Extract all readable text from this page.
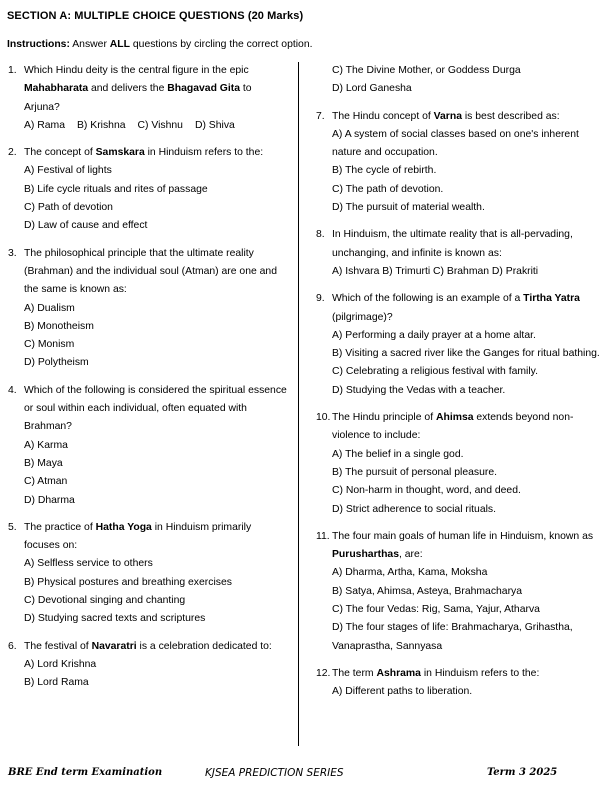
SECTION A: MULTIPLE CHOICE QUESTIONS (20 Marks)
Instructions: Answer ALL questions by circling the correct option.
1. Which Hindu deity is the central figure in the epic Mahabharata and delivers the Bhagavad Gita to Arjuna?
A) Rama B) Krishna C) Vishnu D) Shiva
2. The concept of Samskara in Hinduism refers to the:
A) Festival of lights
B) Life cycle rituals and rites of passage
C) Path of devotion
D) Law of cause and effect
3. The philosophical principle that the ultimate reality (Brahman) and the individual soul (Atman) are one and the same is known as:
A) Dualism
B) Monotheism
C) Monism
D) Polytheism
4. Which of the following is considered the spiritual essence or soul within each individual, often equated with Brahman?
A) Karma
B) Maya
C) Atman
D) Dharma
5. The practice of Hatha Yoga in Hinduism primarily focuses on:
A) Selfless service to others
B) Physical postures and breathing exercises
C) Devotional singing and chanting
D) Studying sacred texts and scriptures
6. The festival of Navaratri is a celebration dedicated to:
A) Lord Krishna
B) Lord Rama
C) The Divine Mother, or Goddess Durga
D) Lord Ganesha
7. The Hindu concept of Varna is best described as:
A) A system of social classes based on one's inherent nature and occupation.
B) The cycle of rebirth.
C) The path of devotion.
D) The pursuit of material wealth.
8. In Hinduism, the ultimate reality that is all-pervading, unchanging, and infinite is known as:
A) Ishvara B) Trimurti C) Brahman D) Prakriti
9. Which of the following is an example of a Tirtha Yatra (pilgrimage)?
A) Performing a daily prayer at a home altar.
B) Visiting a sacred river like the Ganges for ritual bathing.
C) Celebrating a religious festival with family.
D) Studying the Vedas with a teacher.
10. The Hindu principle of Ahimsa extends beyond non-violence to include:
A) The belief in a single god.
B) The pursuit of personal pleasure.
C) Non-harm in thought, word, and deed.
D) Strict adherence to social rituals.
11. The four main goals of human life in Hinduism, known as Purusharthas, are:
A) Dharma, Artha, Kama, Moksha
B) Satya, Ahimsa, Asteya, Brahmacharya
C) The four Vedas: Rig, Sama, Yajur, Atharva
D) The four stages of life: Brahmacharya, Grihastha, Vanaprastha, Sannyasa
12. The term Ashrama in Hinduism refers to the:
A) Different paths to liberation.
BRE End term Examination	KJSEA PREDICTION SERIES	Term 3 2025
